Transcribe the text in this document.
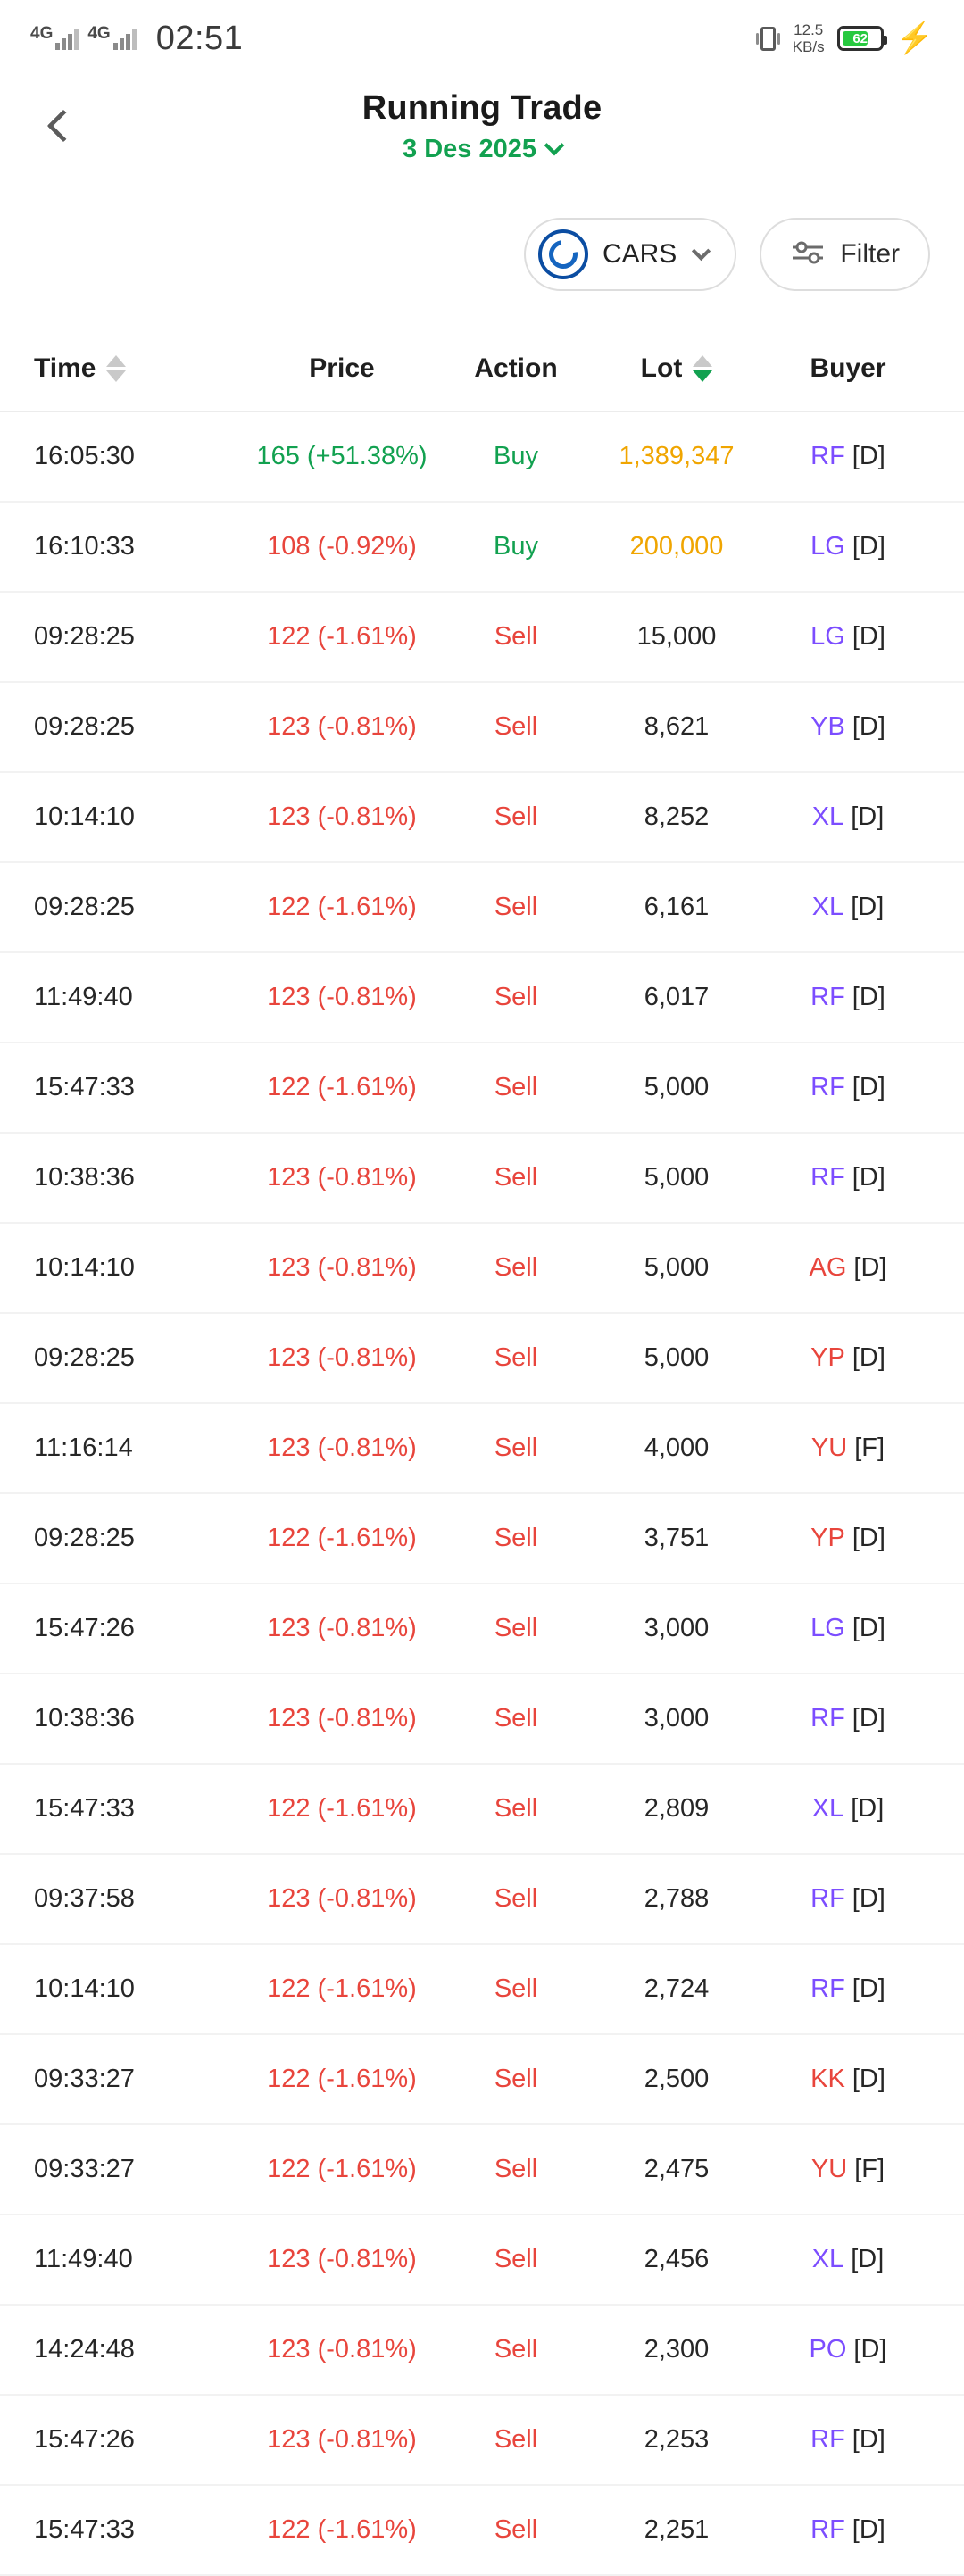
4G 4G 02:51	12.5
KB/s	62 ⚡
Running Trade
3 Des 2025
CARS	Filter
Time	Price	Action	Lot	Buyer
16:05:30	165 (+51.38%)	Buy	1,389,347	RF [D]
16:10:33	108 (-0.92%)	Buy	200,000	LG [D]
09:28:25	122 (-1.61%)	Sell	15,000	LG [D]
09:28:25	123 (-0.81%)	Sell	8,621	YB [D]
10:14:10	123 (-0.81%)	Sell	8,252	XL [D]
09:28:25	122 (-1.61%)	Sell	6,161	XL [D]
11:49:40	123 (-0.81%)	Sell	6,017	RF [D]
15:47:33	122 (-1.61%)	Sell	5,000	RF [D]
10:38:36	123 (-0.81%)	Sell	5,000	RF [D]
10:14:10	123 (-0.81%)	Sell	5,000	AG [D]
09:28:25	123 (-0.81%)	Sell	5,000	YP [D]
11:16:14	123 (-0.81%)	Sell	4,000	YU [F]
09:28:25	122 (-1.61%)	Sell	3,751	YP [D]
15:47:26	123 (-0.81%)	Sell	3,000	LG [D]
10:38:36	123 (-0.81%)	Sell	3,000	RF [D]
15:47:33	122 (-1.61%)	Sell	2,809	XL [D]
09:37:58	123 (-0.81%)	Sell	2,788	RF [D]
10:14:10	122 (-1.61%)	Sell	2,724	RF [D]
09:33:27	122 (-1.61%)	Sell	2,500	KK [D]
09:33:27	122 (-1.61%)	Sell	2,475	YU [F]
11:49:40	123 (-0.81%)	Sell	2,456	XL [D]
14:24:48	123 (-0.81%)	Sell	2,300	PO [D]
15:47:26	123 (-0.81%)	Sell	2,253	RF [D]
15:47:33	122 (-1.61%)	Sell	2,251	RF [D]
